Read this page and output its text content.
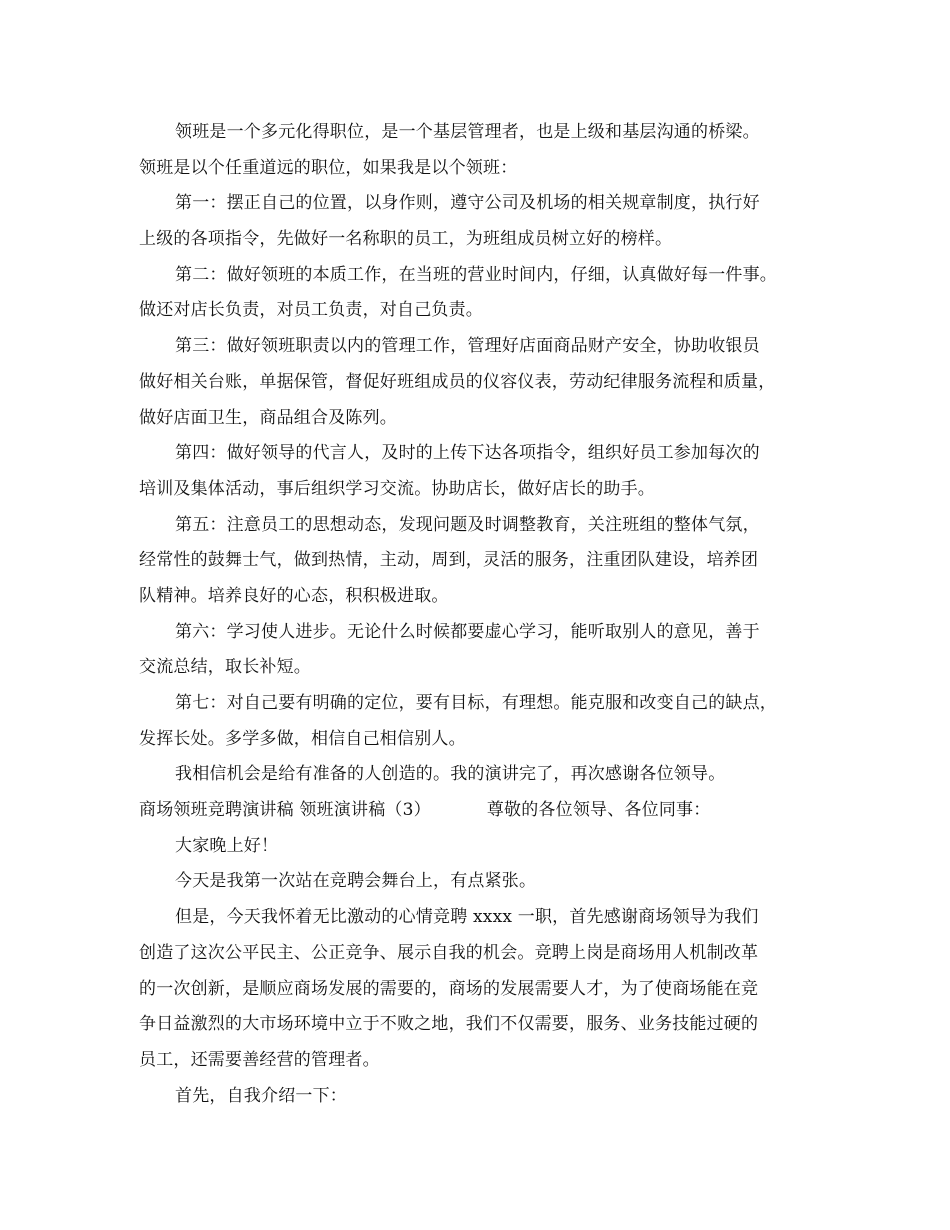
领班是一个多元化得职位，是一个基层管理者，也是上级和基层沟通的桥梁。
领班是以个任重道远的职位，如果我是以个领班：
第一：摆正自己的位置，以身作则，遵守公司及机场的相关规章制度，执行好
上级的各项指令，先做好一名称职的员工，为班组成员树立好的榜样。
第二：做好领班的本质工作，在当班的营业时间内，仔细，认真做好每一件事。
做还对店长负责，对员工负责，对自己负责。
第三：做好领班职责以内的管理工作，管理好店面商品财产安全，协助收银员
做好相关台账，单据保管，督促好班组成员的仪容仪表，劳动纪律服务流程和质量，
做好店面卫生，商品组合及陈列。
第四：做好领导的代言人，及时的上传下达各项指令，组织好员工参加每次的
培训及集体活动，事后组织学习交流。协助店长，做好店长的助手。
第五：注意员工的思想动态，发现问题及时调整教育，关注班组的整体气氛，
经常性的鼓舞士气，做到热情，主动，周到，灵活的服务，注重团队建设，培养团
队精神。培养良好的心态，积积极进取。
第六：学习使人进步。无论什么时候都要虚心学习，能听取别人的意见，善于
交流总结，取长补短。
第七：对自己要有明确的定位，要有目标，有理想。能克服和改变自己的缺点，
发挥长处。多学多做，相信自己相信别人。
我相信机会是给有准备的人创造的。我的演讲完了，再次感谢各位领导。
商场领班竞聘演讲稿 领班演讲稿（3）	尊敬的各位领导、各位同事：
大家晚上好！
今天是我第一次站在竞聘会舞台上，有点紧张。
但是，今天我怀着无比激动的心情竞聘 xxxx 一职，首先感谢商场领导为我们
创造了这次公平民主、公正竞争、展示自我的机会。竞聘上岗是商场用人机制改革
的一次创新，是顺应商场发展的需要的，商场的发展需要人才，为了使商场能在竞
争日益激烈的大市场环境中立于不败之地，我们不仅需要，服务、业务技能过硬的
员工，还需要善经营的管理者。
首先，自我介绍一下：
